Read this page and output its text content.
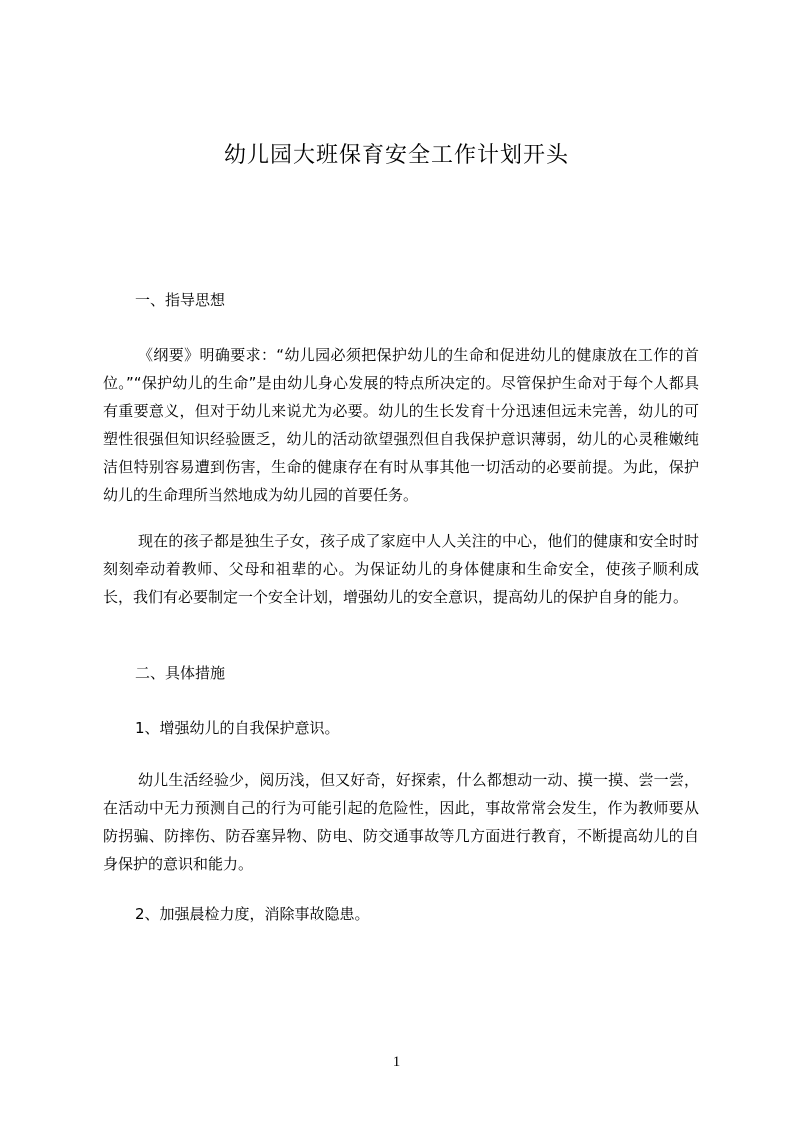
幼儿园大班保育安全工作计划开头
一、指导思想
《纲要》明确要求：“幼儿园必须把保护幼儿的生命和促进幼儿的健康放在工作的首位。”“保护幼儿的生命”是由幼儿身心发展的特点所决定的。尽管保护生命对于每个人都具有重要意义，但对于幼儿来说尤为必要。幼儿的生长发育十分迅速但远未完善，幼儿的可塑性很强但知识经验匮乏，幼儿的活动欲望强烈但自我保护意识薄弱，幼儿的心灵稚嫩纯洁但特别容易遭到伤害，生命的健康存在有时从事其他一切活动的必要前提。为此，保护幼儿的生命理所当然地成为幼儿园的首要任务。
现在的孩子都是独生子女，孩子成了家庭中人人关注的中心，他们的健康和安全时时刻刻牵动着教师、父母和祖辈的心。为保证幼儿的身体健康和生命安全，使孩子顺利成长，我们有必要制定一个安全计划，增强幼儿的安全意识，提高幼儿的保护自身的能力。
二、具体措施
1、增强幼儿的自我保护意识。
幼儿生活经验少，阅历浅，但又好奇，好探索，什么都想动一动、摸一摸、尝一尝，在活动中无力预测自己的行为可能引起的危险性，因此，事故常常会发生，作为教师要从防拐骗、防摔伤、防吞塞异物、防电、防交通事故等几方面进行教育，不断提高幼儿的自身保护的意识和能力。
2、加强晨检力度，消除事故隐患。
1
